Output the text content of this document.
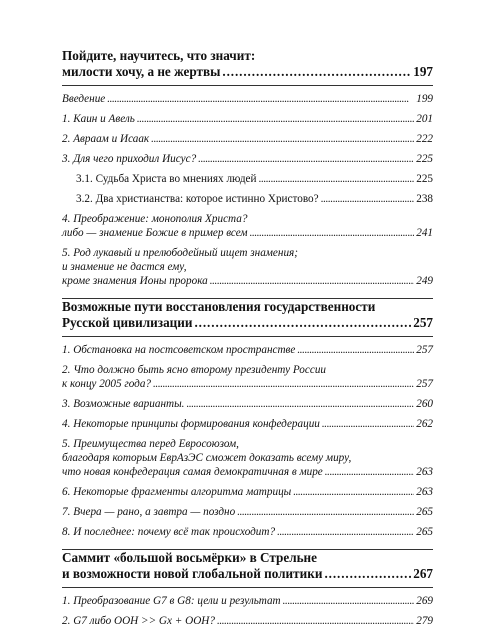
Пойдите, научитесь, что значит:
милости хочу, а не жертвы . . .	197
Введение . . .	199
1. Каин и Авель . . .	201
2. Авраам и Исаак . . .	222
3. Для чего приходил Иисус? . . .	225
3.1. Судьба Христа во мнениях людей . . .	225
3.2. Два христианства: которое истинно Христово? . . .	238
4. Преображение: монополия Христа?
либо — знамение Божие в пример всем . . .	241
5. Род лукавый и прелюбодейный ищет знамения;
и знамение не дастся ему,
кроме знамения Ионы пророка . . .	249
Возможные пути восстановления государственности
Русской цивилизации . . .	257
1. Обстановка на постсоветском пространстве . . .	257
2. Что должно быть ясно второму президенту России
к концу 2005 года? . . .	257
3. Возможные варианты. . . .	260
4. Некоторые принципы формирования конфедерации . . .	262
5. Преимущества перед Евросоюзом,
благодаря которым ЕврАзЭС сможет доказать всему миру,
что новая конфедерация самая демократичная в мире . . .	263
6. Некоторые фрагменты алгоритма матрицы . . .	263
7. Вчера — рано, а завтра — поздно . . .	265
8. И последнее: почему всё так происходит? . . .	265
Саммит «большой восьмёрки» в Стрельне
и возможности новой глобальной политики . . .	267
1. Преобразование G7 в G8: цели и результат . . .	269
2. G7 либо ООН >> Gx + ООН? . . .	279
